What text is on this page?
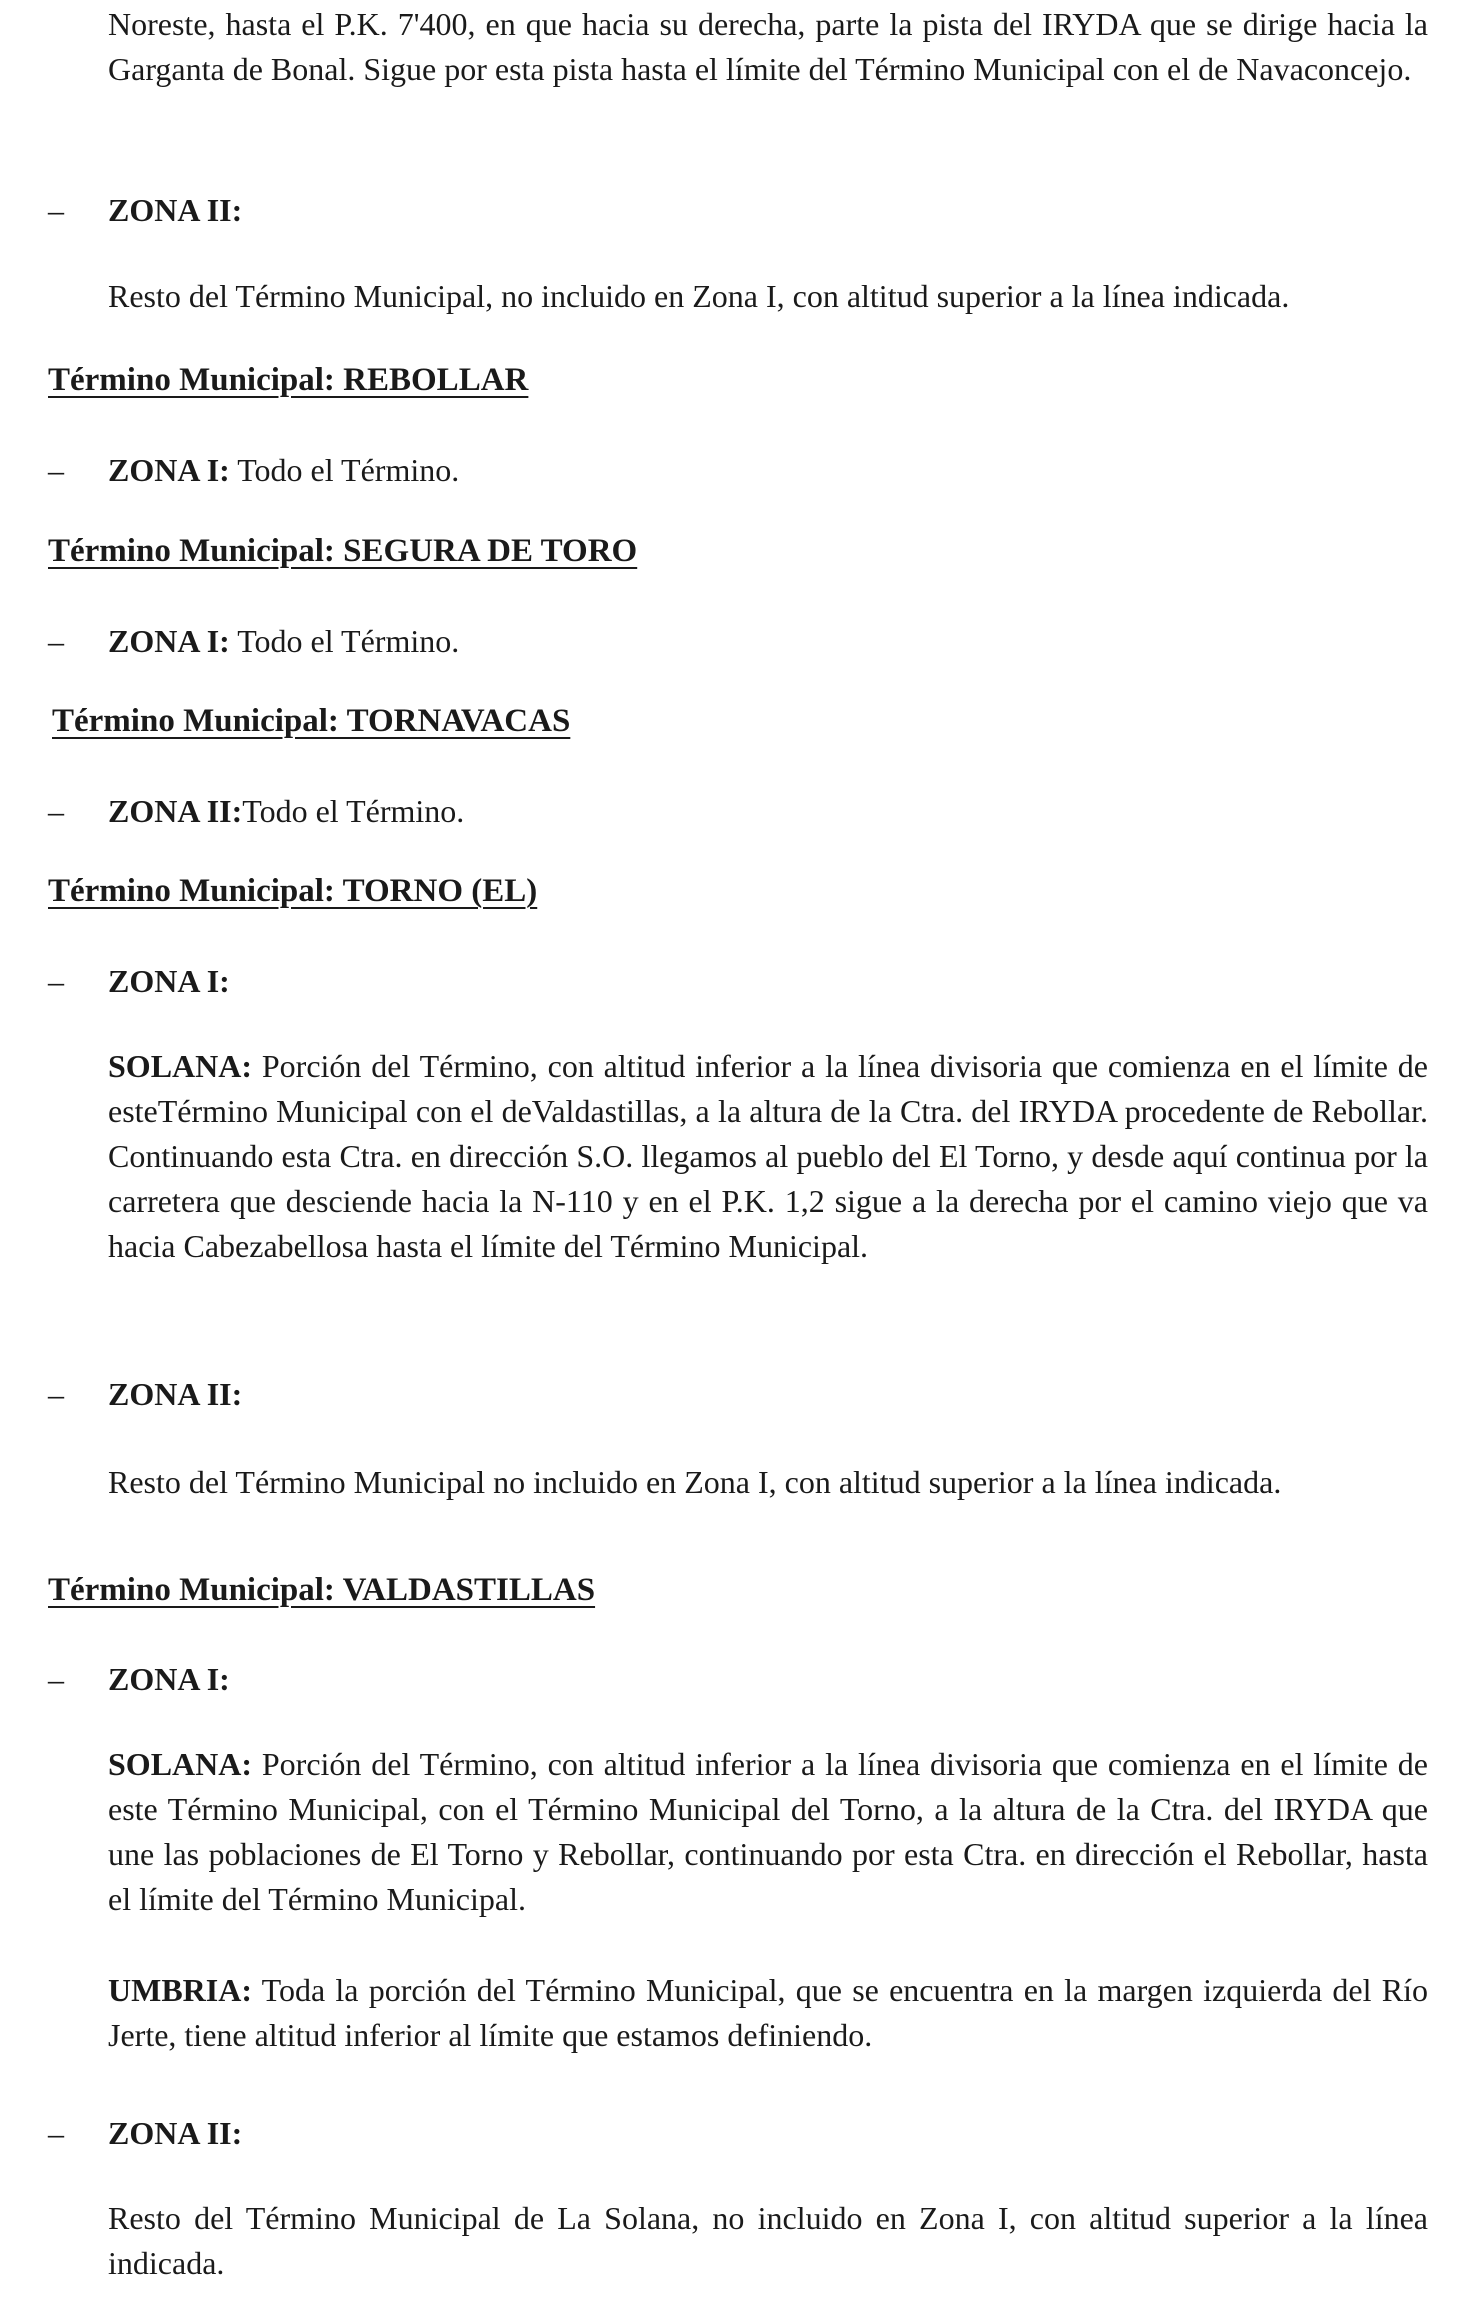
Noreste, hasta el P.K. 7'400, en que hacia su derecha, parte la pista del IRYDA que se dirige hacia la Garganta de Bonal. Sigue por esta pista hasta el límite del Término Municipal con el de Navaconcejo.

– ZONA II:

Resto del Término Municipal, no incluido en Zona I, con altitud superior a la línea indicada.

Término Municipal: REBOLLAR
– ZONA I: Todo el Término.
Término Municipal: SEGURA DE TORO
– ZONA I: Todo el Término.
Término Municipal: TORNAVACAS
– ZONA II:Todo el Término.
Término Municipal: TORNO (EL)
– ZONA I:

SOLANA: Porción del Término, con altitud inferior a la línea divisoria que comienza en el límite de esteTérmino Municipal con el deValdastillas, a la altura de la Ctra. del IRYDA procedente de Rebollar. Continuando esta Ctra. en dirección S.O. llegamos al pueblo del El Torno, y desde aquí continua por la carretera que desciende hacia la N-110 y en el P.K. 1,2 sigue a la derecha por el camino viejo que va hacia Cabezabellosa hasta el límite del Término Municipal.

– ZONA II:

Resto del Término Municipal no incluido en Zona I, con altitud superior a la línea indicada.

Término Municipal: VALDASTILLAS
– ZONA I:

SOLANA: Porción del Término, con altitud inferior a la línea divisoria que comienza en el límite de este Término Municipal, con el Término Municipal del Torno, a la altura de la Ctra. del IRYDA que une las poblaciones de El Torno y Rebollar, continuando por esta Ctra. en dirección el Rebollar, hasta el límite del Término Municipal.

UMBRIA: Toda la porción del Término Municipal, que se encuentra en la margen izquierda del Río Jerte, tiene altitud inferior al límite que estamos definiendo.

– ZONA II:

Resto del Término Municipal de La Solana, no incluido en Zona I, con altitud superior a la línea indicada.
